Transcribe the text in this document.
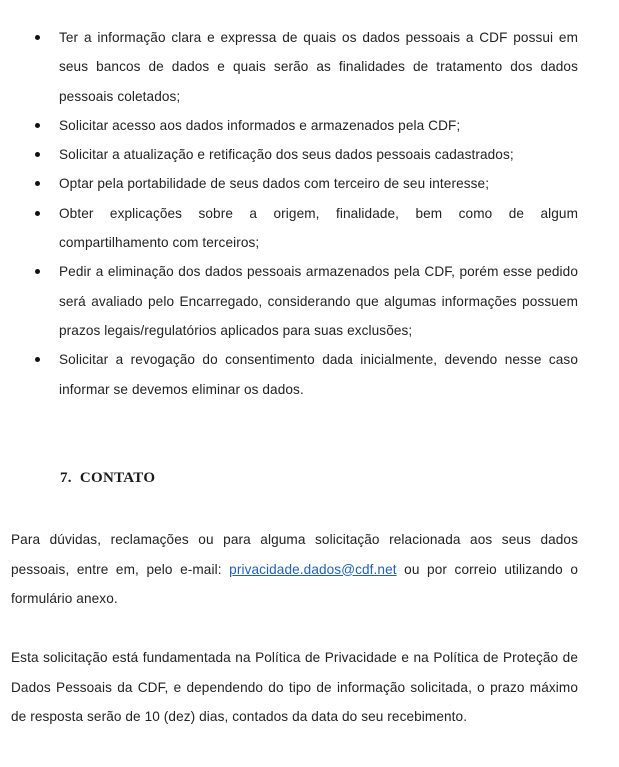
Ter a informação clara e expressa de quais os dados pessoais a CDF possui em seus bancos de dados e quais serão as finalidades de tratamento dos dados pessoais coletados;
Solicitar acesso aos dados informados e armazenados pela CDF;
Solicitar a atualização e retificação dos seus dados pessoais cadastrados;
Optar pela portabilidade de seus dados com terceiro de seu interesse;
Obter explicações sobre a origem, finalidade, bem como de algum compartilhamento com terceiros;
Pedir a eliminação dos dados pessoais armazenados pela CDF, porém esse pedido será avaliado pelo Encarregado, considerando que algumas informações possuem prazos legais/regulatórios aplicados para suas exclusões;
Solicitar a revogação do consentimento dada inicialmente, devendo nesse caso informar se devemos eliminar os dados.
7. CONTATO

Para dúvidas, reclamações ou para alguma solicitação relacionada aos seus dados pessoais, entre em, pelo e-mail: privacidade.dados@cdf.net ou por correio utilizando o formulário anexo.

Esta solicitação está fundamentada na Política de Privacidade e na Política de Proteção de Dados Pessoais da CDF, e dependendo do tipo de informação solicitada, o prazo máximo de resposta serão de 10 (dez) dias, contados da data do seu recebimento.
